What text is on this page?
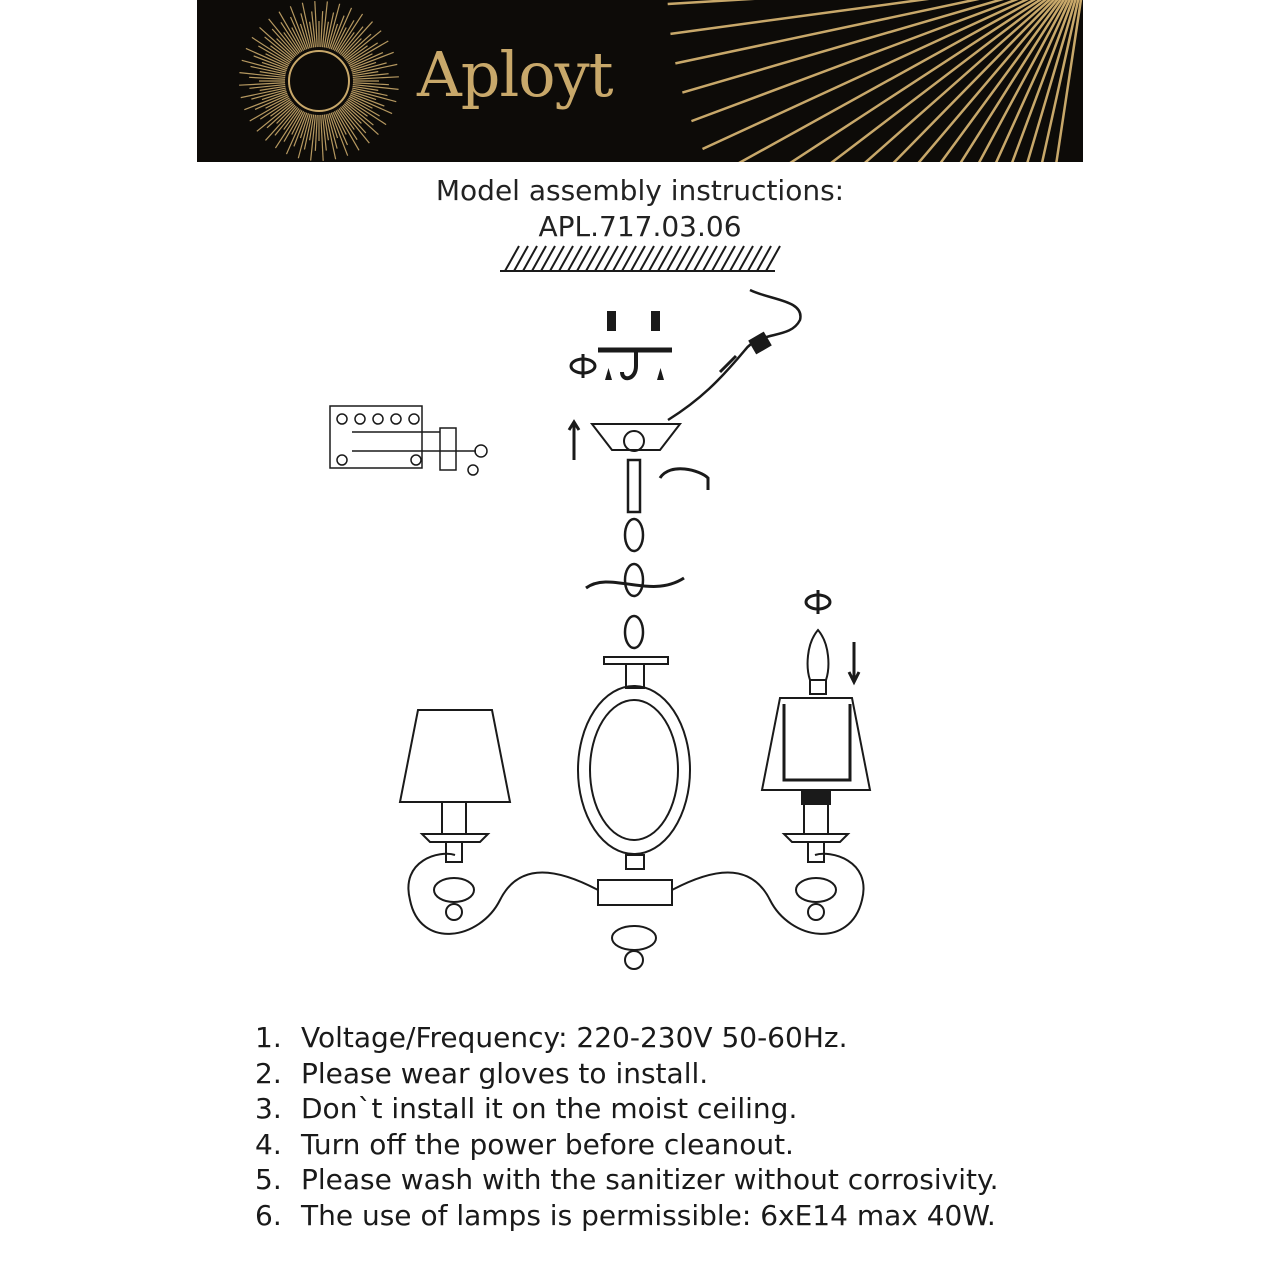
Aployt
Model assembly instructions:
APL.717.03.06
1. Voltage/Frequency: 220-230V 50-60Hz.
2. Please wear gloves to install.
3. Don`t install it on the moist ceiling.
4. Turn off the power before cleanout.
5. Please wash with the sanitizer without corrosivity.
6. The use of lamps is permissible: 6xE14 max 40W.
